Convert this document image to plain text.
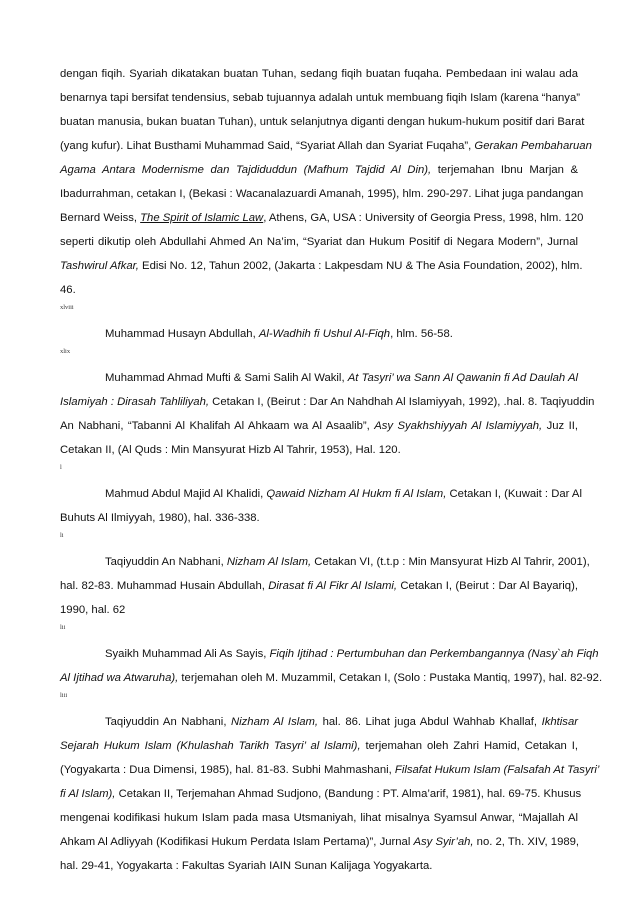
dengan fiqih. Syariah dikatakan buatan Tuhan, sedang fiqih buatan fuqaha. Pembedaan ini walau ada
benarnya tapi bersifat tendensius, sebab tujuannya adalah untuk membuang fiqih Islam (karena “hanya”
buatan manusia, bukan buatan Tuhan), untuk selanjutnya diganti dengan hukum-hukum positif dari Barat
(yang kufur). Lihat Busthami Muhammad Said, “Syariat Allah dan Syariat Fuqaha”, Gerakan Pembaharuan
Agama Antara Modernisme dan Tajdiduddun (Mafhum Tajdid Al Din), terjemahan Ibnu Marjan &
Ibadurrahman, cetakan I, (Bekasi : Wacanalazuardi Amanah, 1995), hlm. 290-297. Lihat juga pandangan
Bernard Weiss, The Spirit of Islamic Law, Athens, GA, USA : University of Georgia Press, 1998, hlm. 120
seperti dikutip oleh Abdullahi Ahmed An Na’im, “Syariat dan Hukum Positif di Negara Modern”, Jurnal
Tashwirul Afkar, Edisi No. 12, Tahun 2002, (Jakarta : Lakpesdam NU & The Asia Foundation, 2002), hlm.
46.
Muhammad Husayn Abdullah, Al-Wadhih fi Ushul Al-Fiqh, hlm. 56-58.
Muhammad Ahmad Mufti & Sami Salih Al Wakil, At Tasyri’ wa Sann Al Qawanin fi Ad Daulah Al
Islamiyah : Dirasah Tahliliyah, Cetakan I, (Beirut : Dar An Nahdhah Al Islamiyyah, 1992), .hal. 8. Taqiyuddin
An Nabhani, “Tabanni Al Khalifah Al Ahkaam wa Al Asaalib”, Asy Syakhshiyyah Al Islamiyyah, Juz II,
Cetakan II, (Al Quds : Min Mansyurat Hizb Al Tahrir, 1953), Hal. 120.
Mahmud Abdul Majid Al Khalidi, Qawaid Nizham Al Hukm fi Al Islam, Cetakan I, (Kuwait : Dar Al
Buhuts Al Ilmiyyah, 1980), hal. 336-338.
Taqiyuddin An Nabhani, Nizham Al Islam, Cetakan VI, (t.t.p : Min Mansyurat Hizb Al Tahrir, 2001),
hal. 82-83. Muhammad Husain Abdullah, Dirasat fi Al Fikr Al Islami, Cetakan I, (Beirut : Dar Al Bayariq),
1990, hal. 62
Syaikh Muhammad Ali As Sayis, Fiqih Ijtihad : Pertumbuhan dan Perkembangannya (Nasy`ah Fiqh
Al Ijtihad wa Atwaruha), terjemahan oleh M. Muzammil, Cetakan I, (Solo : Pustaka Mantiq, 1997), hal. 82-92.
Taqiyuddin An Nabhani, Nizham Al Islam, hal. 86. Lihat juga Abdul Wahhab Khallaf, Ikhtisar
Sejarah Hukum Islam (Khulashah Tarikh Tasyri’ al Islami), terjemahan oleh Zahri Hamid, Cetakan I,
(Yogyakarta : Dua Dimensi, 1985), hal. 81-83. Subhi Mahmashani, Filsafat Hukum Islam (Falsafah At Tasyri’
fi Al Islam), Cetakan II, Terjemahan Ahmad Sudjono, (Bandung : PT. Alma’arif, 1981), hal. 69-75. Khusus
mengenai kodifikasi hukum Islam pada masa Utsmaniyah, lihat misalnya Syamsul Anwar, “Majallah Al
Ahkam Al Adliyyah (Kodifikasi Hukum Perdata Islam Pertama)”, Jurnal Asy Syir’ah, no. 2, Th. XIV, 1989,
hal. 29-41, Yogyakarta : Fakultas Syariah IAIN Sunan Kalijaga Yogyakarta.
xlviii
xlix
l
li
lii
liii
